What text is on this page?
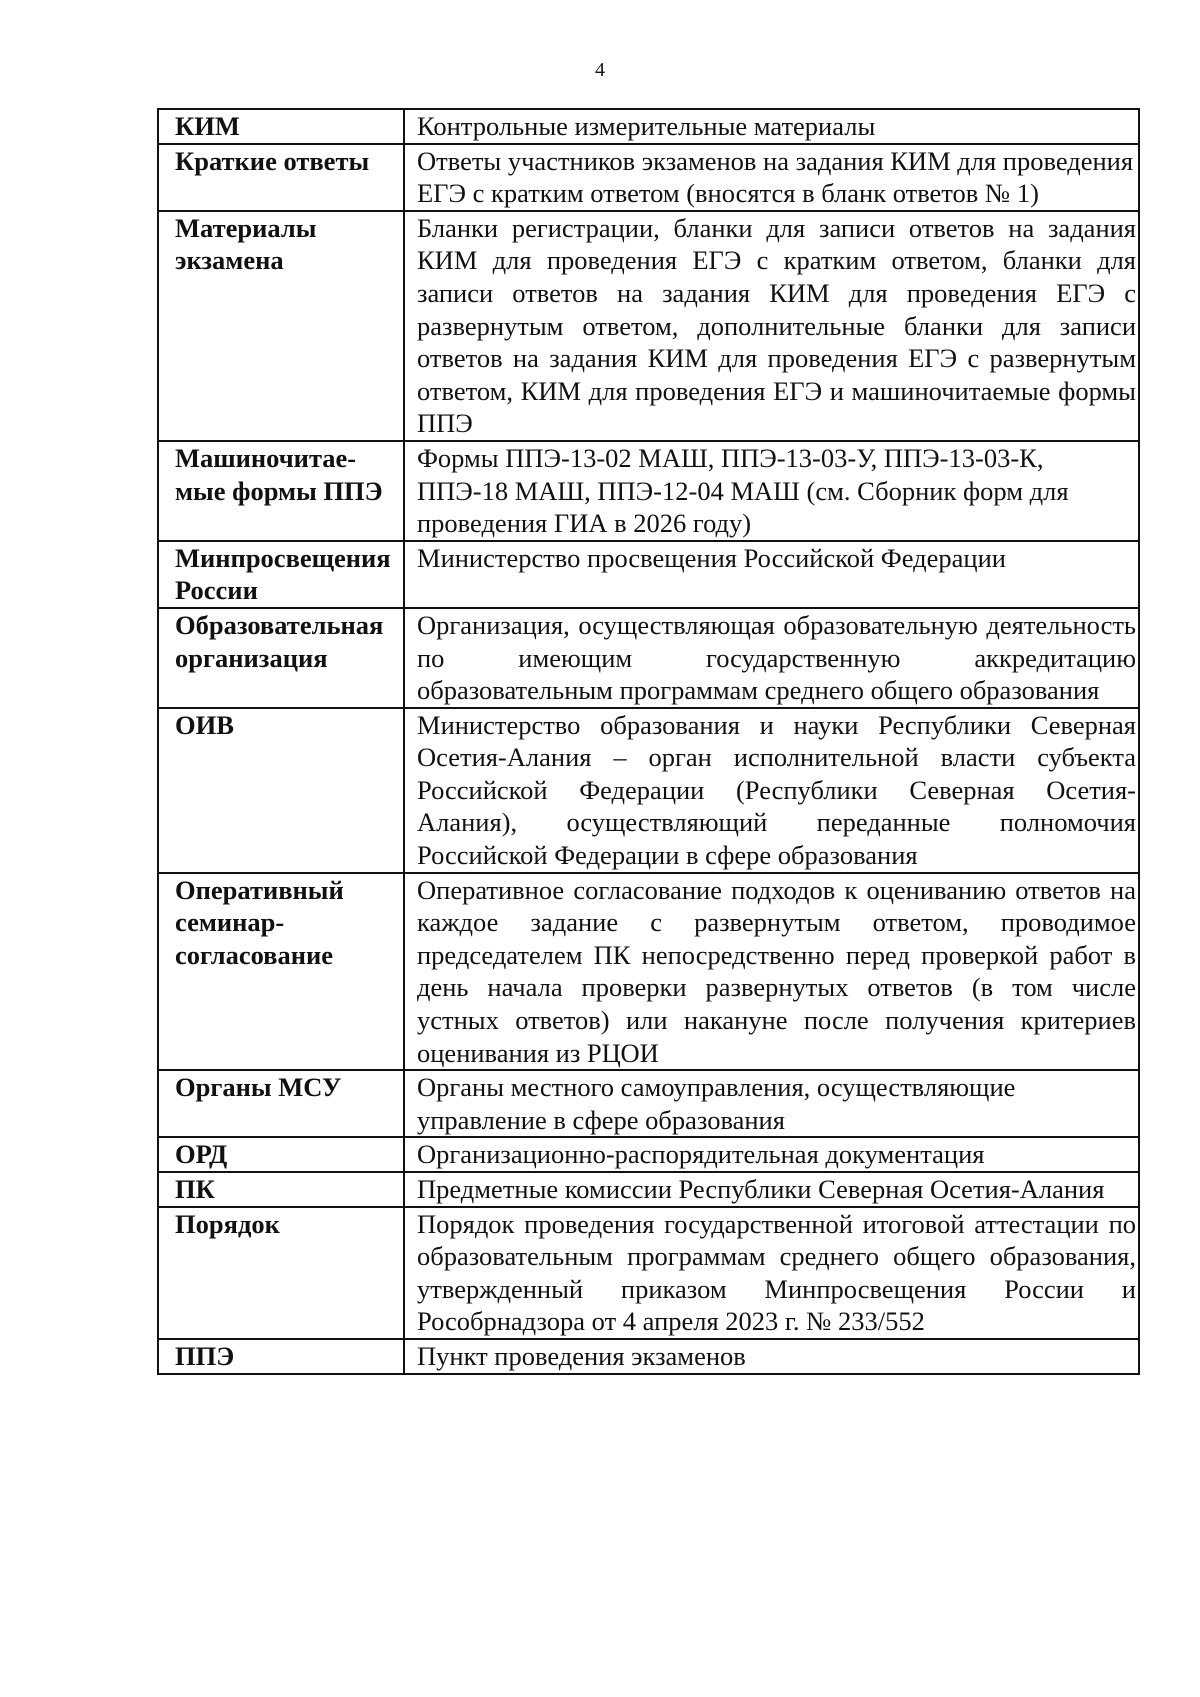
4
КИМ	Контрольные измерительные материалы
Краткие ответы	Ответы участников экзаменов на задания КИМ для проведения ЕГЭ с кратким ответом (вносятся в бланк ответов № 1)
Материалы экзамена	Бланки регистрации, бланки для записи ответов на задания КИМ для проведения ЕГЭ с кратким ответом, бланки для записи ответов на задания КИМ для проведения ЕГЭ с развернутым ответом, дополнительные бланки для записи ответов на задания КИМ для проведения ЕГЭ с развернутым ответом, КИМ для проведения ЕГЭ и машиночитаемые формы ППЭ
Машиночитае-мые формы ППЭ	Формы ППЭ-13-02 МАШ, ППЭ-13-03-У, ППЭ-13-03-К, ППЭ-18 МАШ, ППЭ-12-04 МАШ (см. Сборник форм для проведения ГИА в 2026 году)
Минпросвещения России	Министерство просвещения Российской Федерации
Образовательная организация	Организация, осуществляющая образовательную деятельность по имеющим государственную аккредитацию образовательным программам среднего общего образования
ОИВ	Министерство образования и науки Республики Северная Осетия-Алания – орган исполнительной власти субъекта Российской Федерации (Республики Северная Осетия-Алания), осуществляющий переданные полномочия Российской Федерации в сфере образования
Оперативный семинар-согласование	Оперативное согласование подходов к оцениванию ответов на каждое задание с развернутым ответом, проводимое председателем ПК непосредственно перед проверкой работ в день начала проверки развернутых ответов (в том числе устных ответов) или накануне после получения критериев оценивания из РЦОИ
Органы МСУ	Органы местного самоуправления, осуществляющие управление в сфере образования
ОРД	Организационно-распорядительная документация
ПК	Предметные комиссии Республики Северная Осетия-Алания
Порядок	Порядок проведения государственной итоговой аттестации по образовательным программам среднего общего образования, утвержденный приказом Минпросвещения России и Рособрнадзора от 4 апреля 2023 г. № 233/552
ППЭ	Пункт проведения экзаменов
